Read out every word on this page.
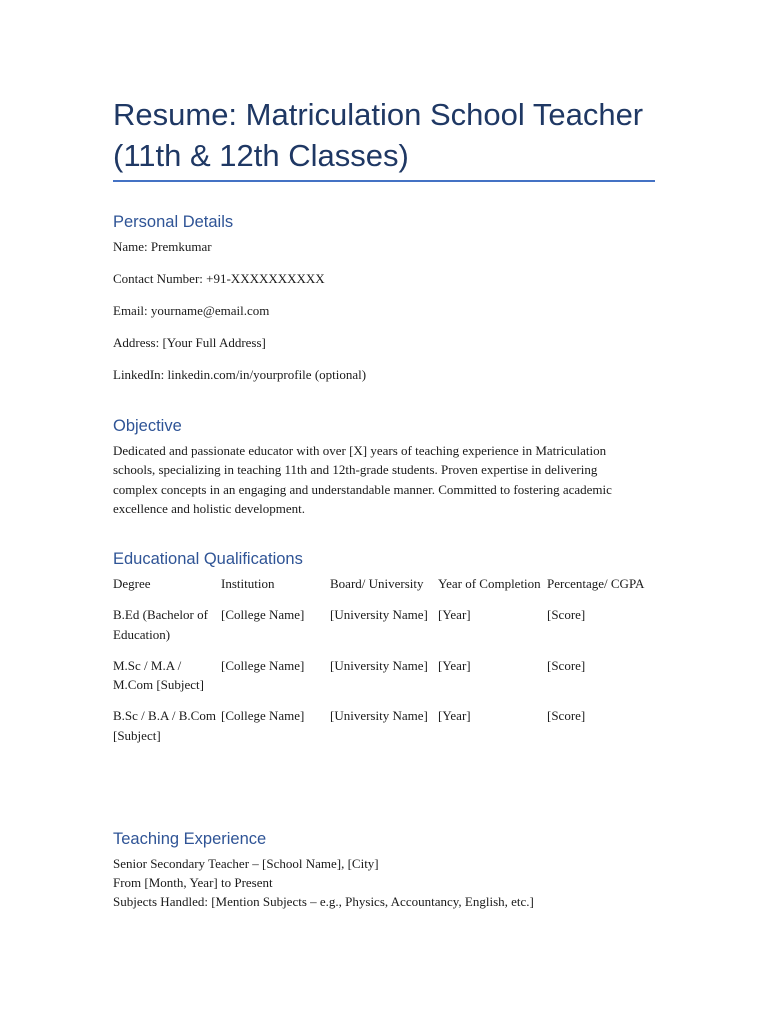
Resume: Matriculation School Teacher (11th & 12th Classes)
Personal Details

Name: Premkumar

Contact Number: +91-XXXXXXXXXX

Email: yourname@email.com

Address: [Your Full Address]

LinkedIn: linkedin.com/in/yourprofile (optional)

Objective

Dedicated and passionate educator with over [X] years of teaching experience in Matriculation schools, specializing in teaching 11th and 12th-grade students. Proven expertise in delivering complex concepts in an engaging and understandable manner. Committed to fostering academic excellence and holistic development.

Educational Qualifications
Degree	Institution	Board/ University	Year of Completion	Percentage/ CGPA
B.Ed (Bachelor of Education)	[College Name]	[University Name]	[Year]	[Score]
M.Sc / M.A / M.Com [Subject]	[College Name]	[University Name]	[Year]	[Score]
B.Sc / B.A / B.Com [Subject]	[College Name]	[University Name]	[Year]	[Score]
Teaching Experience

Senior Secondary Teacher – [School Name], [City]

From [Month, Year] to Present

Subjects Handled: [Mention Subjects – e.g., Physics, Accountancy, English, etc.]
